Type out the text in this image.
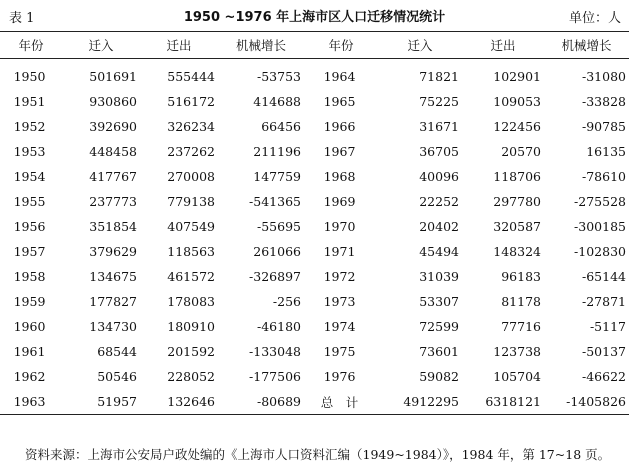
表 1	1950 ~1976 年上海市区人口迁移情况统计	单位：人
年份	迁入	迁出	机械增长	年份	迁入	迁出	机械增长
1950	501691	555444	-53753	1964	71821	102901	-31080
1951	930860	516172	414688	1965	75225	109053	-33828
1952	392690	326234	66456	1966	31671	122456	-90785
1953	448458	237262	211196	1967	36705	20570	16135
1954	417767	270008	147759	1968	40096	118706	-78610
1955	237773	779138	-541365	1969	22252	297780	-275528
1956	351854	407549	-55695	1970	20402	320587	-300185
1957	379629	118563	261066	1971	45494	148324	-102830
1958	134675	461572	-326897	1972	31039	96183	-65144
1959	177827	178083	-256	1973	53307	81178	-27871
1960	134730	180910	-46180	1974	72599	77716	-5117
1961	68544	201592	-133048	1975	73601	123738	-50137
1962	50546	228052	-177506	1976	59082	105704	-46622
1963	51957	132646	-80689	总　计	4912295	6318121	-1405826
资料来源：上海市公安局户政处编的《上海市人口资料汇编（1949~1984）》，1984 年，第 17~18 页。
